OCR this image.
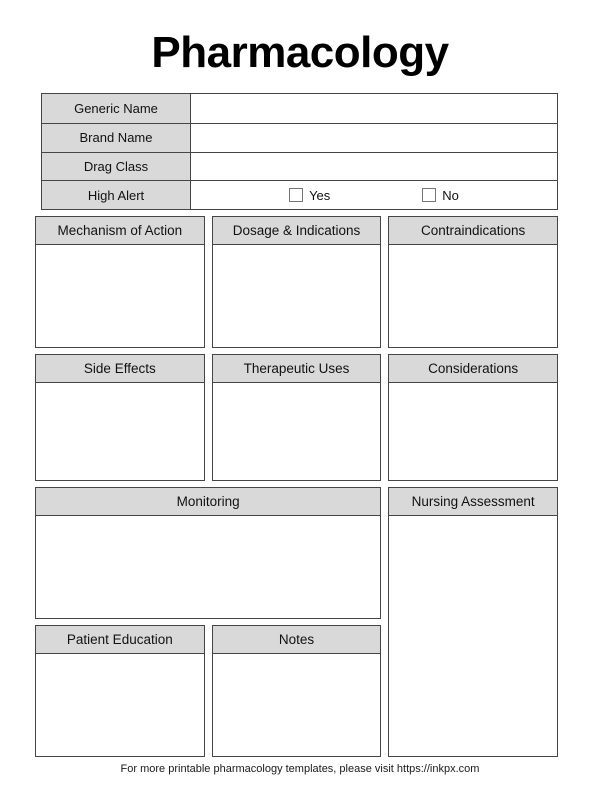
Pharmacology
Generic Name
Brand Name
Drag Class
High Alert	Yes	No
Mechanism of Action	Dosage & Indications	Contraindications
Side Effects	Therapeutic Uses	Considerations
Monitoring	Nursing Assessment
Patient Education	Notes
For more printable pharmacology templates, please visit https://inkpx.com
